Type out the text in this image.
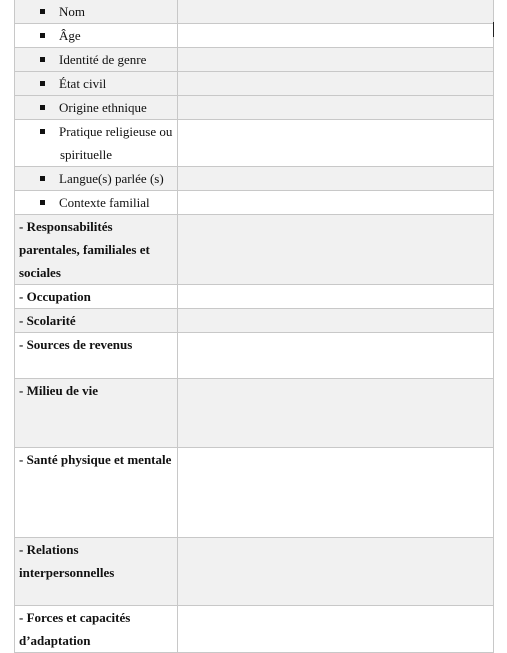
Nom	
Âge	
Identité de genre	
État civil	
Origine ethnique	
Pratique religieuse ou spirituelle	
Langue(s) parlée (s)	
Contexte familial	
- Responsabilités parentales, familiales et sociales	
- Occupation	
- Scolarité	
- Sources de revenus	
- Milieu de vie	
- Santé physique et mentale	
- Relations interpersonnelles	
- Forces et capacités d’adaptation	
